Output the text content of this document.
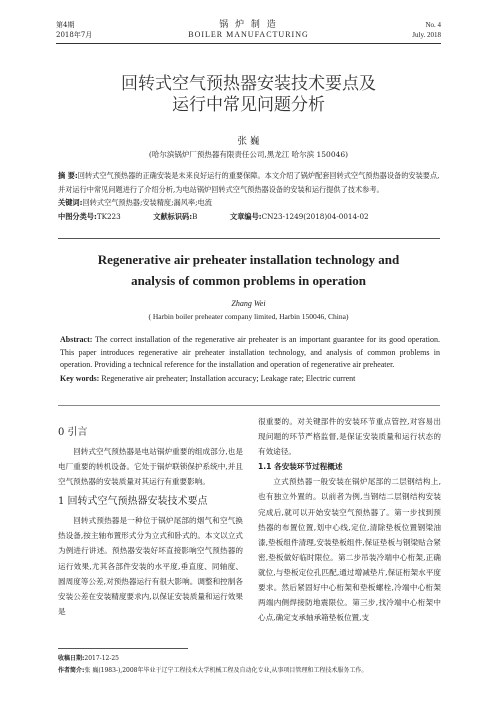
第4期
2018年7月
锅 炉 制 造
BOILER MANUFACTURING
No. 4
July. 2018
回转式空气预热器安装技术要点及
运行中常见问题分析
张 巍
(哈尔滨锅炉厂预热器有限责任公司,黑龙江 哈尔滨 150046)
摘 要:回转式空气预热器的正确安装是未来良好运行的重要保障。本文介绍了锅炉配套回转式空气预热器设备的安装要点,并对运行中常见问题进行了介绍分析,为电站锅炉回转式空气预热器设备的安装和运行提供了技术参考。
关键词:回转式空气预热器;安装精度;漏风率;电流
中图分类号:TK223	文献标识码:B	文章编号:CN23-1249(2018)04-0014-02
Regenerative air preheater installation technology and
analysis of common problems in operation
Zhang Wei
( Harbin boiler preheater company limited, Harbin 150046, China)
Abstract: The correct installation of the regenerative air preheater is an important guarantee for its good operation. This paper introduces regenerative air preheater installation technology, and analysis of common problems in operation. Providing a technical reference for the installation and operation of regenerative air preheater.
Key words: Regenerative air preheater; Installation accuracy; Leakage rate; Electric current
0 引言

回转式空气预热器是电站锅炉重要的组成部分,也是电厂重要的转机设备。它处于锅炉联锁保护系统中,并且空气预热器的安装质量对其运行有重要影响。

1 回转式空气预热器安装技术要点

回转式预热器是一种位于锅炉尾部的烟气和空气换热设备,按主轴布置形式分为立式和卧式的。本文以立式为例进行讲述。预热器安装好坏直接影响空气预热器的运行效果,尤其各部件安装的水平度,垂直度、同轴度、圆周度等公差,对预热器运行有很大影响。调整和控制各安装公差在安装精度要求内,以保证安装质量和运行效果是

很重要的。对关键部件的安装环节重点管控,对容易出现问题的环节严格监督,是保证安装质量和运行状态的有效途径。

1.1 各安装环节过程概述

立式预热器一般安装在锅炉尾部的二层钢结构上,也有独立外置的。以前者为例,当钢结二层钢结构安装完成后,就可以开始安装空气预热器了。第一步找到预热器的布置位置,划中心线,定位,清除垫板位置钢梁油漆,垫板组件清理,安装垫板组件,保证垫板与钢梁贴合紧密,垫板做好临时限位。第二步吊装冷端中心桁架,正确就位,与垫板定位孔匹配,通过增减垫片,保证桁架水平度要求。然后紧固好中心桁架和垫板螺栓,冷端中心桁架两端内侧焊接防地震限位。第三步,找冷端中心桁架中心点,确定支承轴承箱垫板位置,支

收稿日期:2017-12-25
作者简介:张 巍(1983-),2008年毕业于辽宁工程技术大学机械工程及自动化专业,从事项目管理和工程技术服务工作。
